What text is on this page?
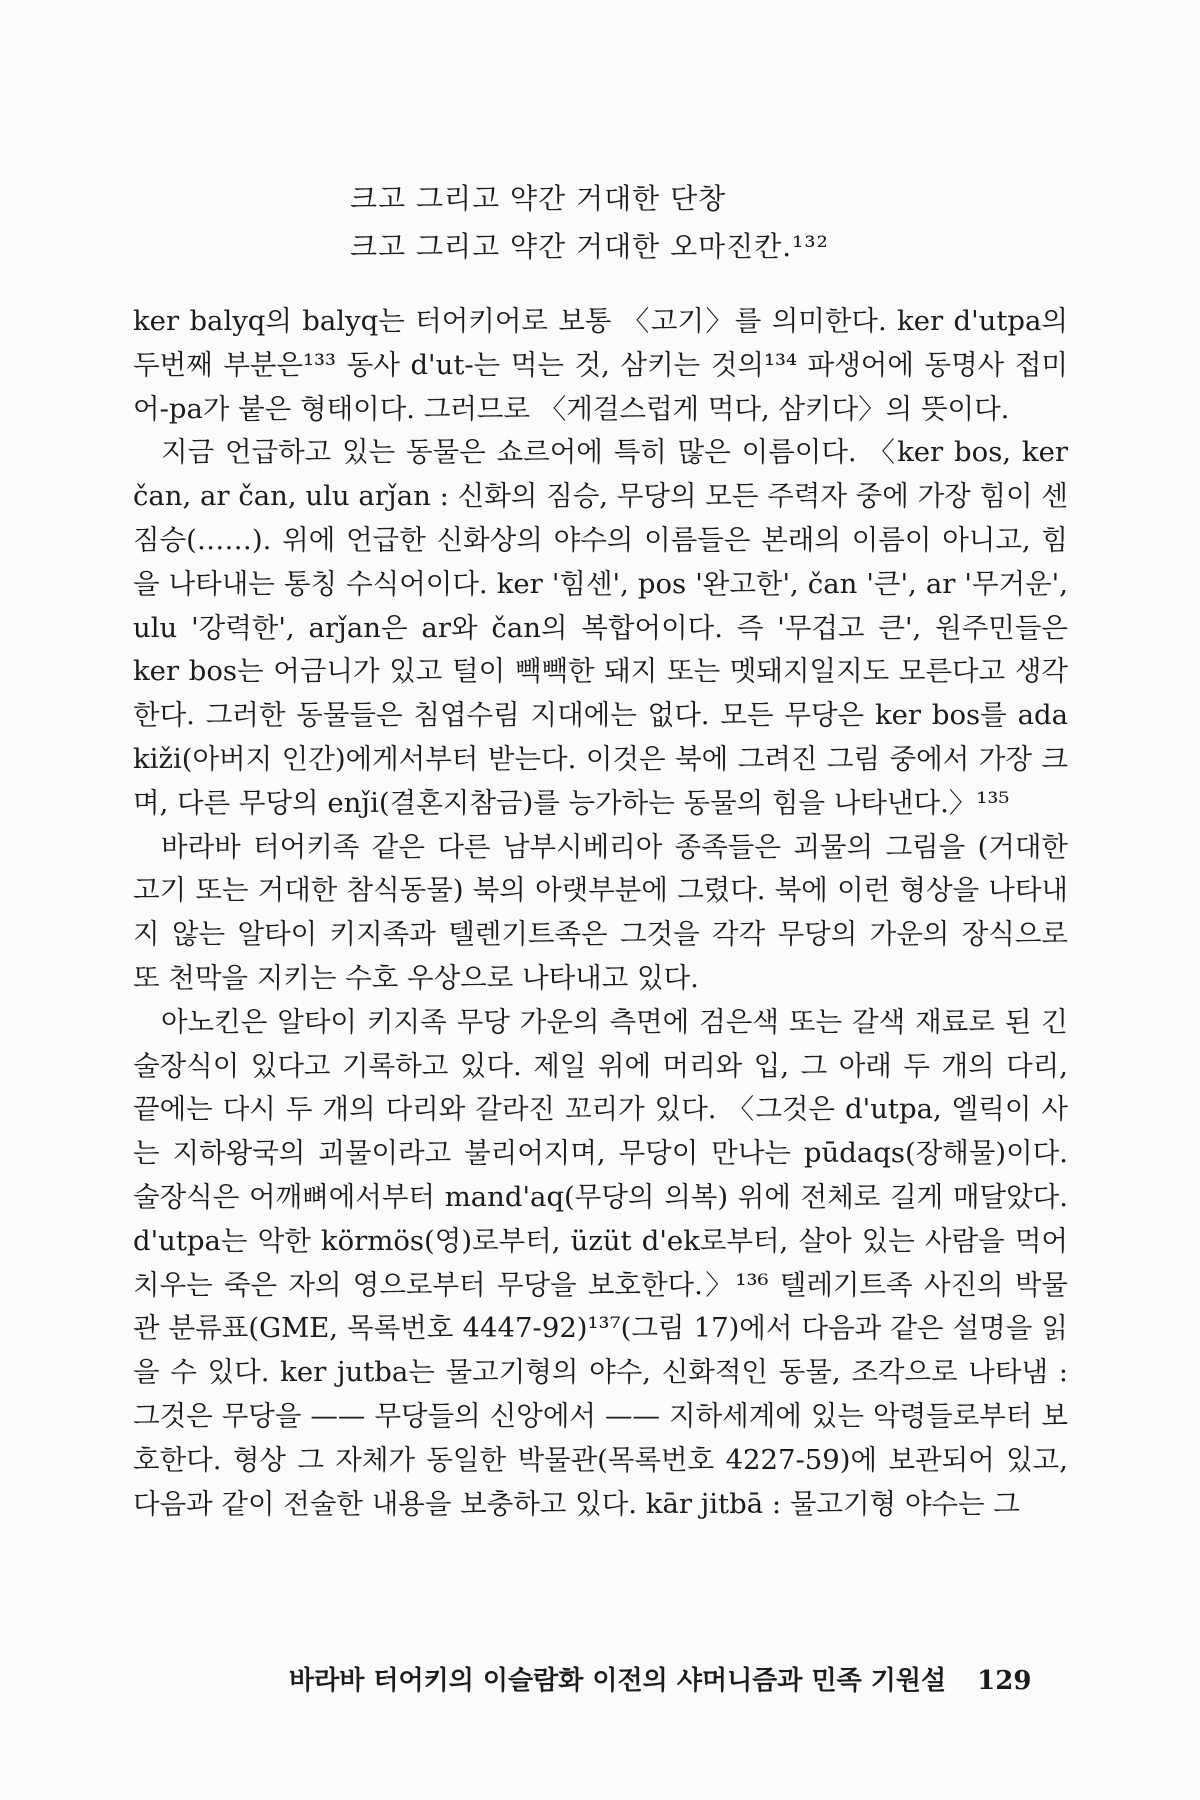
크고 그리고 약간 거대한 단창
크고 그리고 약간 거대한 오마진칸.¹³²

ker balyq의 balyq는 터어키어로 보통 〈고기〉를 의미한다. ker d'utpa의 두번째 부분은¹³³ 동사 d'ut-는 먹는 것, 삼키는 것의¹³⁴ 파생어에 동명사 접미어-pa가 붙은 형태이다. 그러므로 〈게걸스럽게 먹다, 삼키다〉의 뜻이다.

지금 언급하고 있는 동물은 쇼르어에 특히 많은 이름이다. 〈ker bos, ker čan, ar čan, ulu arǰan : 신화의 짐승, 무당의 모든 주력자 중에 가장 힘이 센 짐승(……). 위에 언급한 신화상의 야수의 이름들은 본래의 이름이 아니고, 힘을 나타내는 통칭 수식어이다. ker '힘센', pos '완고한', čan '큰', ar '무거운', ulu '강력한', arǰan은 ar와 čan의 복합어이다. 즉 '무겁고 큰', 원주민들은 ker bos는 어금니가 있고 털이 빽빽한 돼지 또는 멧돼지일지도 모른다고 생각한다. 그러한 동물들은 침엽수림 지대에는 없다. 모든 무당은 ker bos를 ada kiži(아버지 인간)에게서부터 받는다. 이것은 북에 그려진 그림 중에서 가장 크며, 다른 무당의 enǰi(결혼지참금)를 능가하는 동물의 힘을 나타낸다.〉¹³⁵

바라바 터어키족 같은 다른 남부시베리아 종족들은 괴물의 그림을 (거대한 고기 또는 거대한 참식동물) 북의 아랫부분에 그렸다. 북에 이런 형상을 나타내지 않는 알타이 키지족과 텔렌기트족은 그것을 각각 무당의 가운의 장식으로 또 천막을 지키는 수호 우상으로 나타내고 있다.

아노킨은 알타이 키지족 무당 가운의 측면에 검은색 또는 갈색 재료로 된 긴 술장식이 있다고 기록하고 있다. 제일 위에 머리와 입, 그 아래 두 개의 다리, 끝에는 다시 두 개의 다리와 갈라진 꼬리가 있다. 〈그것은 d'utpa, 엘릭이 사는 지하왕국의 괴물이라고 불리어지며, 무당이 만나는 pūdaqs(장해물)이다. 술장식은 어깨뼈에서부터 mand'aq(무당의 의복) 위에 전체로 길게 매달았다. d'utpa는 악한 körmös(영)로부터, üzüt d'ek로부터, 살아 있는 사람을 먹어치우는 죽은 자의 영으로부터 무당을 보호한다.〉¹³⁶ 텔레기트족 사진의 박물관 분류표(GME, 목록번호 4447-92)¹³⁷(그림 17)에서 다음과 같은 설명을 읽을 수 있다. ker jutba는 물고기형의 야수, 신화적인 동물, 조각으로 나타냄 : 그것은 무당을 —— 무당들의 신앙에서 —— 지하세계에 있는 악령들로부터 보호한다. 형상 그 자체가 동일한 박물관(목록번호 4227-59)에 보관되어 있고, 다음과 같이 전술한 내용을 보충하고 있다. kār jitbā : 물고기형 야수는 그

바라바 터어키의 이슬람화 이전의 샤머니즘과 민족 기원설 129
